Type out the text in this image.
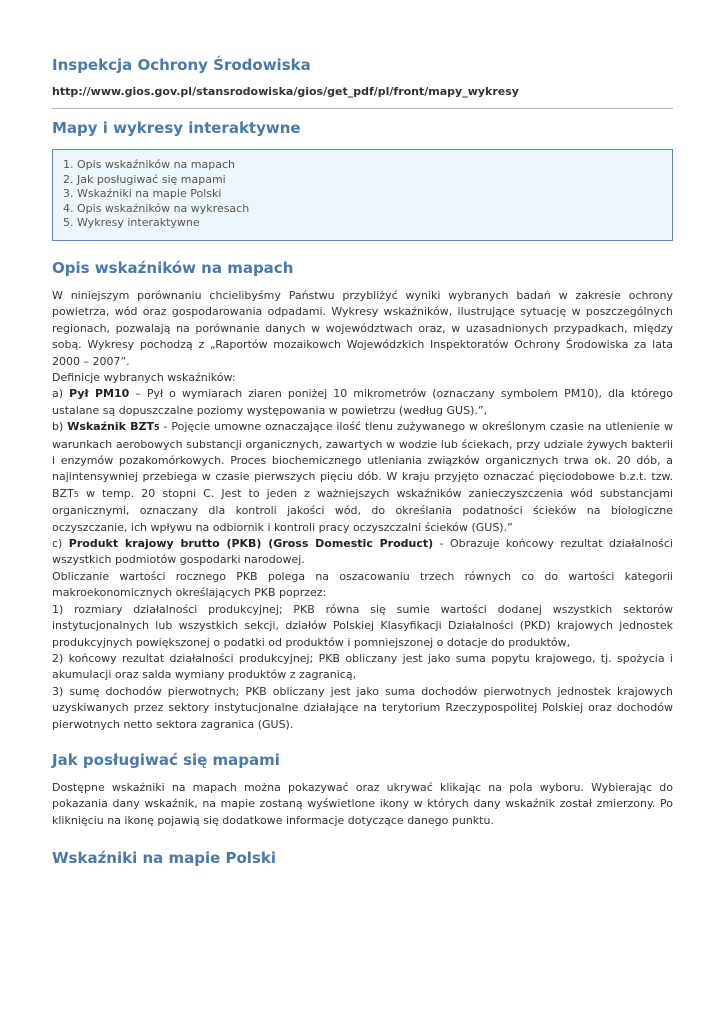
Inspekcja Ochrony Środowiska
http://www.gios.gov.pl/stansrodowiska/gios/get_pdf/pl/front/mapy_wykresy
Mapy i wykresy interaktywne
1. Opis wskaźników na mapach
2. Jak posługiwać się mapami
3. Wskaźniki na mapie Polski
4. Opis wskaźników na wykresach
5. Wykresy interaktywne
Opis wskaźników na mapach

W niniejszym porównaniu chcielibyśmy Państwu przybliżyć wyniki wybranych badań w zakresie ochrony powietrza, wód oraz gospodarowania odpadami. Wykresy wskaźników, ilustrujące sytuację w poszczególnych regionach, pozwalają na porównanie danych w województwach oraz, w uzasadnionych przypadkach, między sobą. Wykresy pochodzą z „Raportów mozaikowch Wojewódzkich Inspektoratów Ochrony Środowiska za lata 2000 – 2007”.

Definicje wybranych wskaźników:

a) Pył PM10 – Pył o wymiarach ziaren poniżej 10 mikrometrów (oznaczany symbolem PM10), dla którego ustalane są dopuszczalne poziomy występowania w powietrzu (według GUS).”,

b) Wskaźnik BZT5 - Pojęcie umowne oznaczające ilość tlenu zużywanego w określonym czasie na utlenienie w warunkach aerobowych substancji organicznych, zawartych w wodzie lub ściekach, przy udziale żywych bakterii i enzymów pozakomórkowych. Proces biochemicznego utleniania związków organicznych trwa ok. 20 dób, a najintensywniej przebiega w czasie pierwszych pięciu dób. W kraju przyjęto oznaczać pięciodobowe b.z.t. tzw. BZT5 w temp. 20 stopni C. Jest to jeden z ważniejszych wskaźników zanieczyszczenia wód substancjami organicznymi, oznaczany dla kontroli jakości wód, do określania podatności ścieków na biologiczne oczyszczanie, ich wpływu na odbiornik i kontroli pracy oczyszczalni ścieków (GUS).”

c) Produkt krajowy brutto (PKB) (Gross Domestic Product) - Obrazuje końcowy rezultat działalności wszystkich podmiotów gospodarki narodowej.

Obliczanie wartości rocznego PKB polega na oszacowaniu trzech równych co do wartości kategorii makroekonomicznych określających PKB poprzez:

1) rozmiary działalności produkcyjnej; PKB równa się sumie wartości dodanej wszystkich sektorów instytucjonalnych lub wszystkich sekcji, działów Polskiej Klasyfikacji Działalności (PKD) krajowych jednostek produkcyjnych powiększonej o podatki od produktów i pomniejszonej o dotacje do produktów,

2) końcowy rezultat działalności produkcyjnej; PKB obliczany jest jako suma popytu krajowego, tj. spożycia i akumulacji oraz salda wymiany produktów z zagranicą,

3) sumę dochodów pierwotnych; PKB obliczany jest jako suma dochodów pierwotnych jednostek krajowych uzyskiwanych przez sektory instytucjonalne działające na terytorium Rzeczypospolitej Polskiej oraz dochodów pierwotnych netto sektora zagranica (GUS).

Jak posługiwać się mapami

Dostępne wskaźniki na mapach można pokazywać oraz ukrywać klikając na pola wyboru. Wybierając do pokazania dany wskaźnik, na mapie zostaną wyświetlone ikony w których dany wskaźnik został zmierzony. Po kliknięciu na ikonę pojawią się dodatkowe informacje dotyczące danego punktu.

Wskaźniki na mapie Polski
